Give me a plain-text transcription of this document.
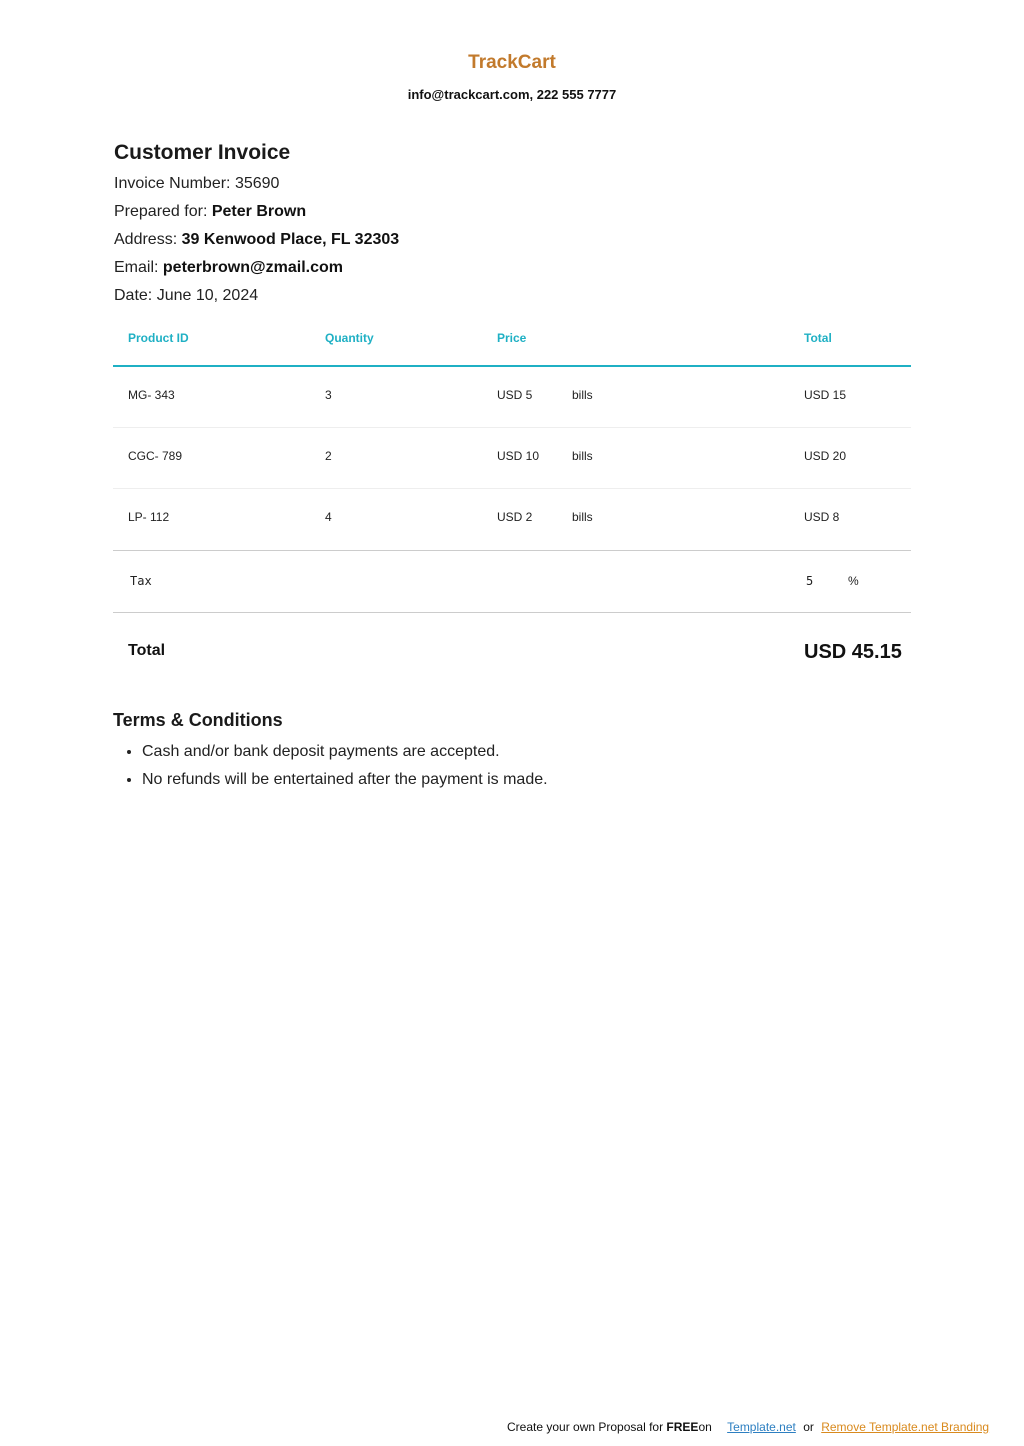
TrackCart
info@trackcart.com, 222 555 7777
Customer Invoice
Invoice Number: 35690
Prepared for: Peter Brown
Address: 39 Kenwood Place, FL 32303
Email: peterbrown@zmail.com
Date: June 10, 2024
Product ID	Quantity	Price	Total
MG- 343	3	USD 5	bills	USD 15
CGC- 789	2	USD 10	bills	USD 20
LP- 112	4	USD 2	bills	USD 8
Tax	5	%
Total	USD 45.15
Terms & Conditions
• Cash and/or bank deposit payments are accepted.
• No refunds will be entertained after the payment is made.
Create your own Proposal for FREEon Template.net or Remove Template.net Branding
